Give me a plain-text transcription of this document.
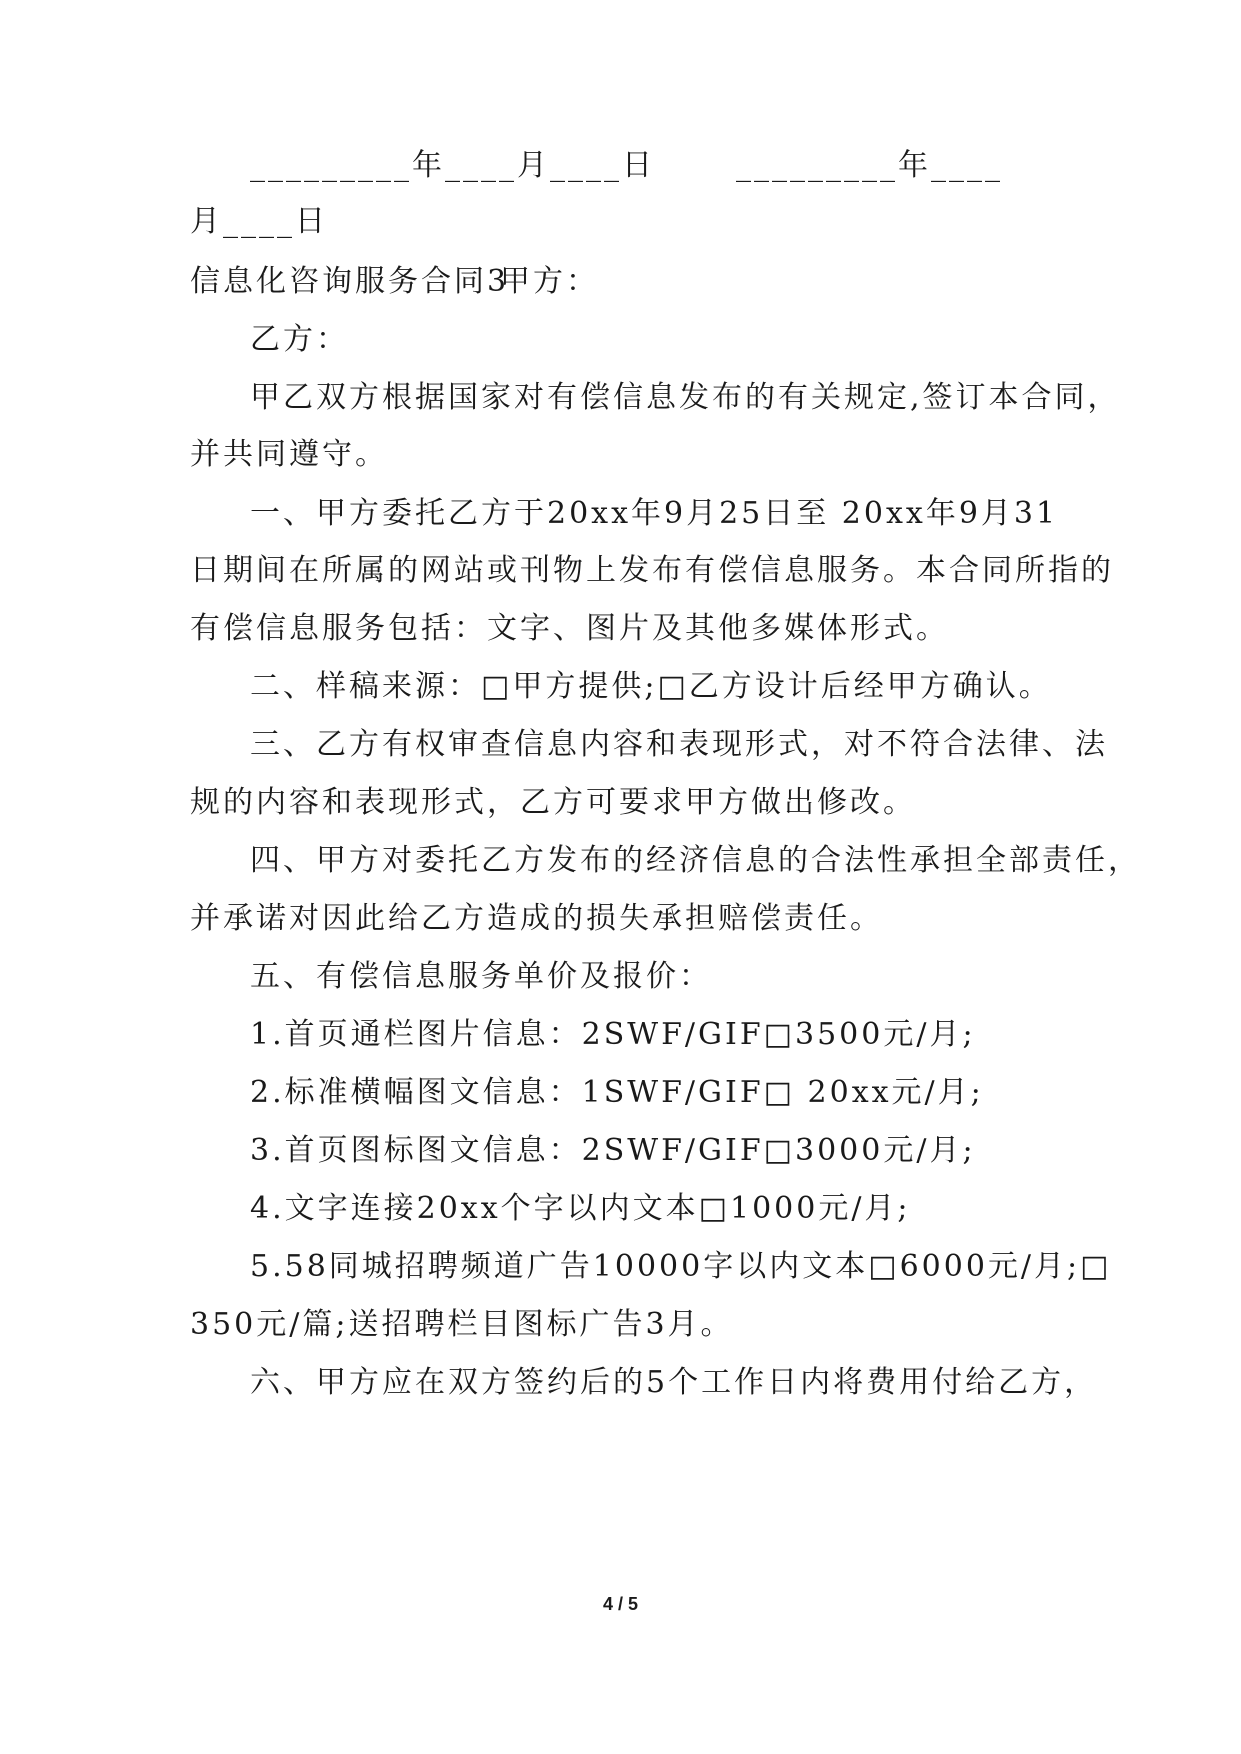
_________年____月____日	_________年____
月____日
信息化咨询服务合同3
甲方：
乙方：
甲乙双方根据国家对有偿信息发布的有关规定,签订本合同，
并共同遵守。
一、甲方委托乙方于20xx年9月25日至 20xx年9月31
日期间在所属的网站或刊物上发布有偿信息服务。本合同所指的
有偿信息服务包括：文字、图片及其他多媒体形式。
二、样稿来源：□甲方提供;□乙方设计后经甲方确认。
三、乙方有权审查信息内容和表现形式，对不符合法律、法
规的内容和表现形式，乙方可要求甲方做出修改。
四、甲方对委托乙方发布的经济信息的合法性承担全部责任，
并承诺对因此给乙方造成的损失承担赔偿责任。
五、有偿信息服务单价及报价：
1.首页通栏图片信息：2SWF/GIF□3500元/月;
2.标准横幅图文信息：1SWF/GIF□ 20xx元/月;
3.首页图标图文信息：2SWF/GIF□3000元/月;
4.文字连接20xx个字以内文本□1000元/月;
5.58同城招聘频道广告10000字以内文本□6000元/月;□
350元/篇;送招聘栏目图标广告3月。
六、甲方应在双方签约后的5个工作日内将费用付给乙方，
4 / 5
